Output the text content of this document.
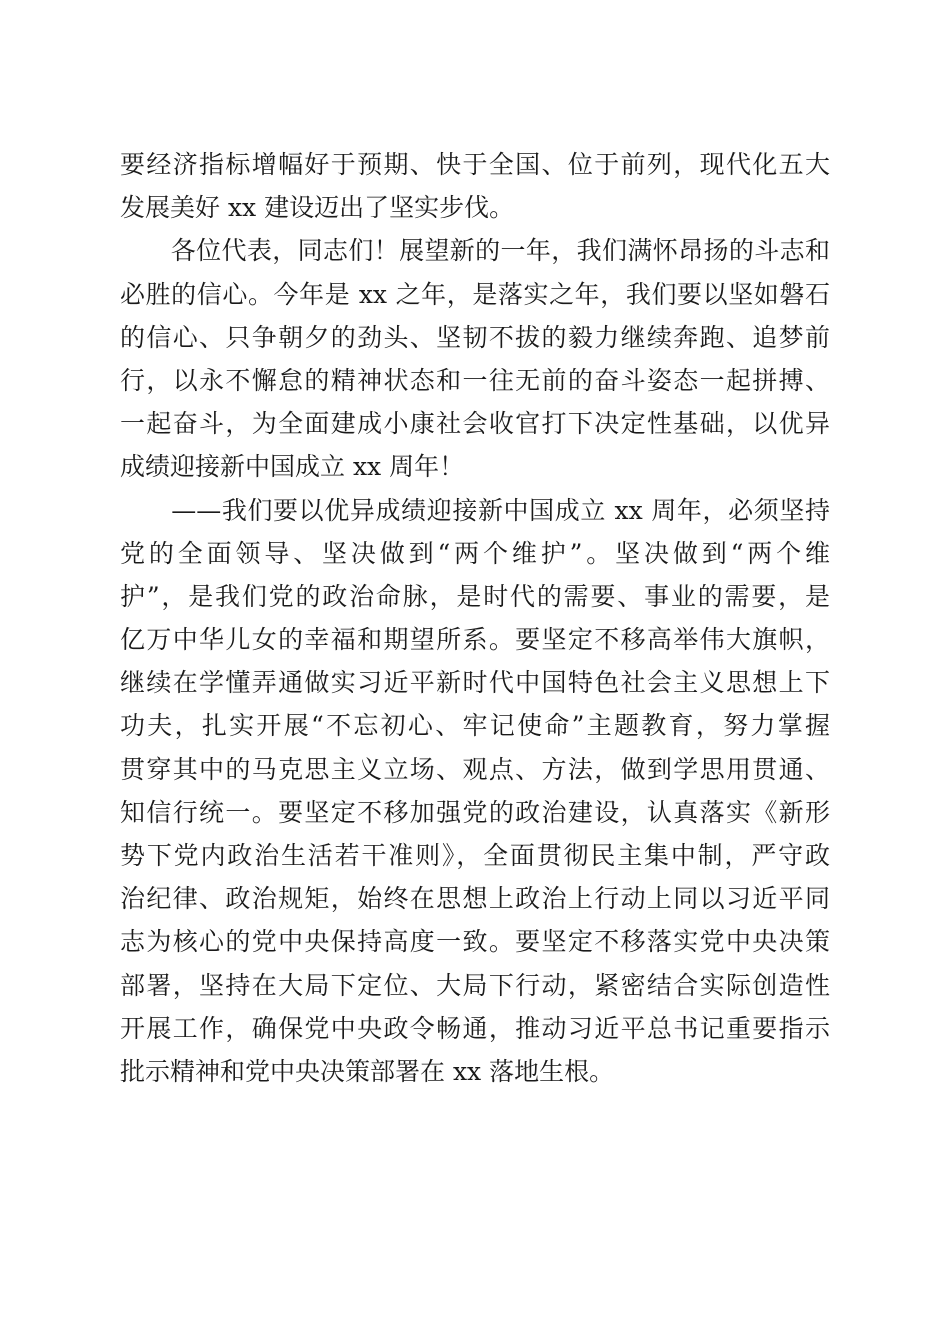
要经济指标增幅好于预期、快于全国、位于前列，现代化五大
发展美好 xx 建设迈出了坚实步伐。
　　各位代表，同志们！展望新的一年，我们满怀昂扬的斗志和
必胜的信心。今年是 xx 之年，是落实之年，我们要以坚如磐石
的信心、只争朝夕的劲头、坚韧不拔的毅力继续奔跑、追梦前
行，以永不懈怠的精神状态和一往无前的奋斗姿态一起拼搏、
一起奋斗，为全面建成小康社会收官打下决定性基础，以优异
成绩迎接新中国成立 xx 周年！
　　——我们要以优异成绩迎接新中国成立 xx 周年，必须坚持
党的全面领导、坚决做到“两个维护”。坚决做到“两个维
护”，是我们党的政治命脉，是时代的需要、事业的需要，是
亿万中华儿女的幸福和期望所系。要坚定不移高举伟大旗帜，
继续在学懂弄通做实习近平新时代中国特色社会主义思想上下
功夫，扎实开展“不忘初心、牢记使命”主题教育，努力掌握
贯穿其中的马克思主义立场、观点、方法，做到学思用贯通、
知信行统一。要坚定不移加强党的政治建设，认真落实《新形
势下党内政治生活若干准则》，全面贯彻民主集中制，严守政
治纪律、政治规矩，始终在思想上政治上行动上同以习近平同
志为核心的党中央保持高度一致。要坚定不移落实党中央决策
部署，坚持在大局下定位、大局下行动，紧密结合实际创造性
开展工作，确保党中央政令畅通，推动习近平总书记重要指示
批示精神和党中央决策部署在 xx 落地生根。
